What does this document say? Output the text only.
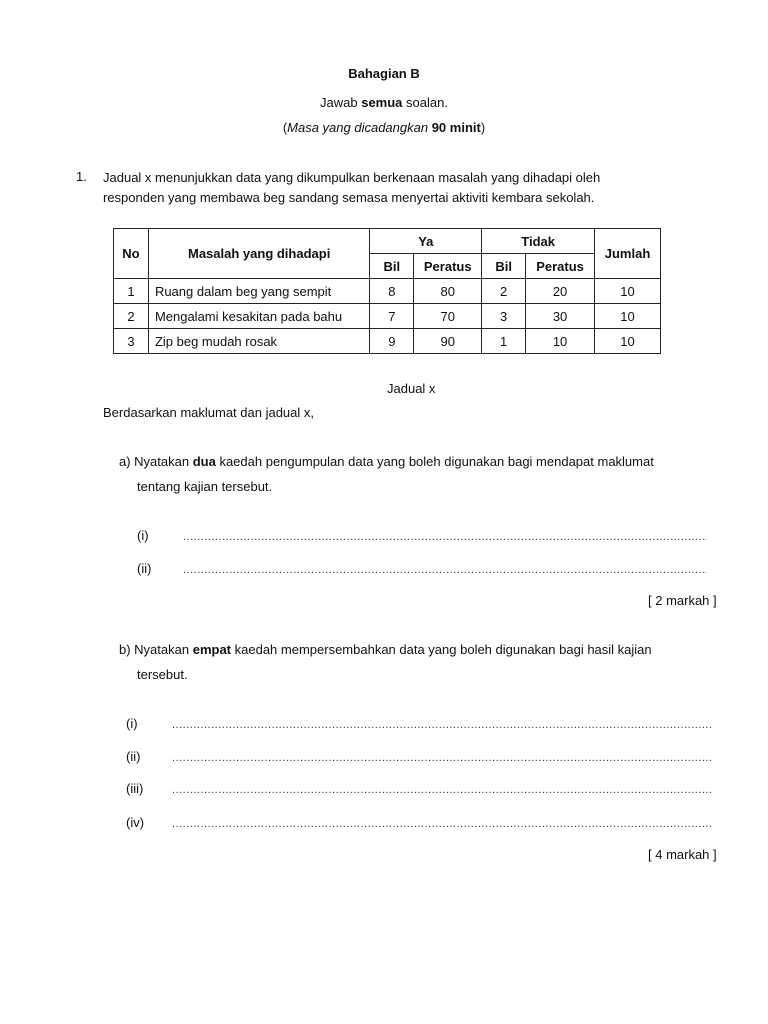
Bahagian B
Jawab semua soalan.
(Masa yang dicadangkan 90 minit)
1. Jadual x menunjukkan data yang dikumpulkan berkenaan masalah yang dihadapi oleh
responden yang membawa beg sandang semasa menyertai aktiviti kembara sekolah.
No	Masalah yang dihadapi	Ya		Tidak		Jumlah
		Bil	Peratus	Bil	Peratus	
1	Ruang dalam beg yang sempit	8	80	2	20	10
2	Mengalami kesakitan pada bahu	7	70	3	30	10
3	Zip beg mudah rosak	9	90	1	10	10
Jadual x
Berdasarkan maklumat dan jadual x,
a) Nyatakan dua kaedah pengumpulan data yang boleh digunakan bagi mendapat maklumat
tentang kajian tersebut.
(i)
.....
(ii)
.....
[ 2 markah ]
b) Nyatakan empat kaedah mempersembahkan data yang boleh digunakan bagi hasil kajian
tersebut.
(i)
.....
(ii)
.....
(iii)
.....
(iv)
.....
[ 4 markah ]
